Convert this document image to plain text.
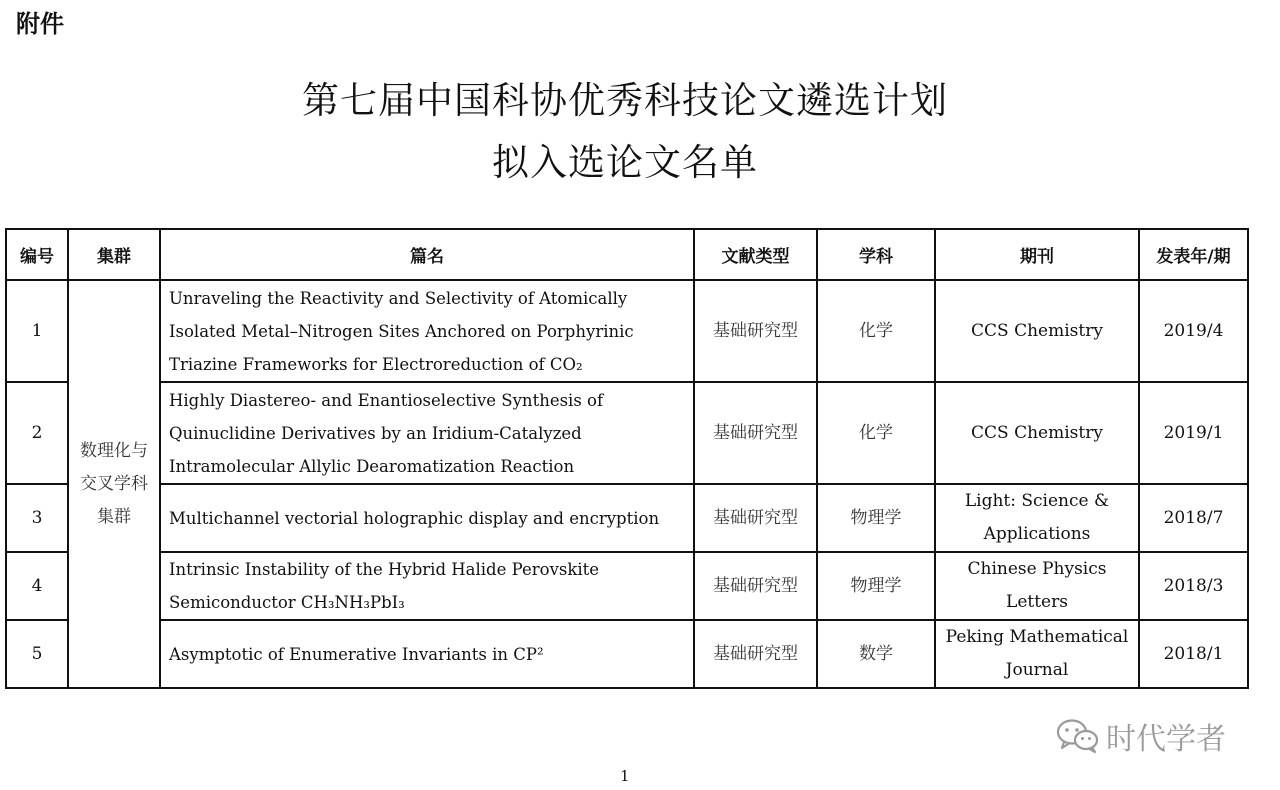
附件
第七届中国科协优秀科技论文遴选计划
拟入选论文名单
编号	集群	篇名	文献类型	学科	期刊	发表年/期
1	数理化与交叉学科集群	Unraveling the Reactivity and Selectivity of Atomically Isolated Metal–Nitrogen Sites Anchored on Porphyrinic Triazine Frameworks for Electroreduction of CO₂	基础研究型	化学	CCS Chemistry	2019/4
2		Highly Diastereo- and Enantioselective Synthesis of Quinuclidine Derivatives by an Iridium-Catalyzed Intramolecular Allylic Dearomatization Reaction	基础研究型	化学	CCS Chemistry	2019/1
3		Multichannel vectorial holographic display and encryption	基础研究型	物理学	Light: Science & Applications	2018/7
4		Intrinsic Instability of the Hybrid Halide Perovskite Semiconductor CH₃NH₃PbI₃	基础研究型	物理学	Chinese Physics Letters	2018/3
5		Asymptotic of Enumerative Invariants in CP²	基础研究型	数学	Peking Mathematical Journal	2018/1
时代学者
1
